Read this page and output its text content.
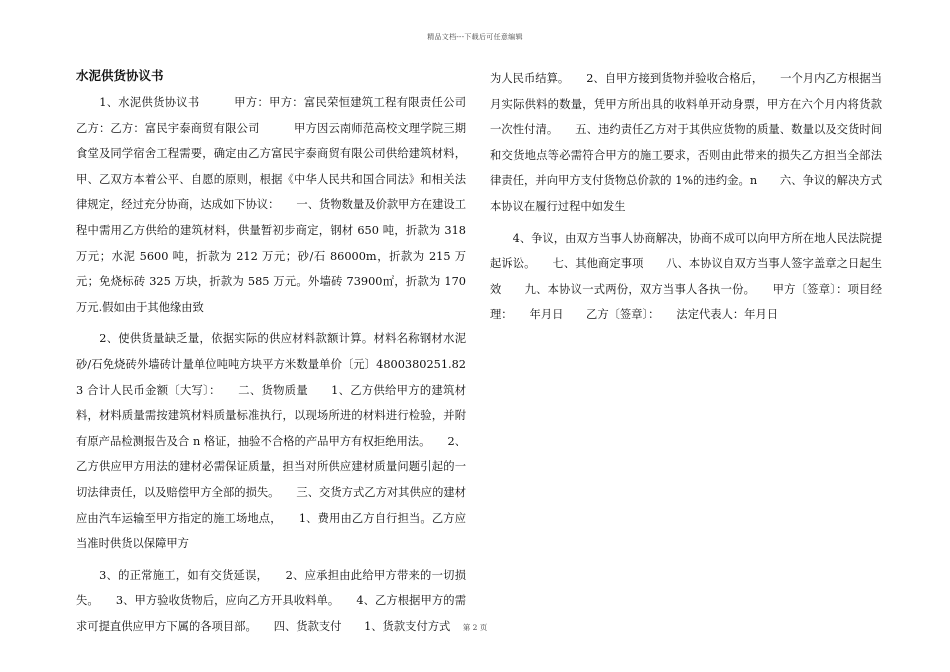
精品文档---下载后可任意编辑
水泥供货协议书

　　1、水泥供货协议书　　　甲方：甲方：富民荣恒建筑工程有限责任公司　　　乙方：乙方：富民宇泰商贸有限公司　　　甲方因云南师范高校文理学院三期食堂及同学宿舍工程需要，确定由乙方富民宇泰商贸有限公司供给建筑材料，甲、乙双方本着公平、自愿的原则，根据《中华人民共和国合同法》和相关法律规定，经过充分协商，达成如下协议：　　一、货物数量及价款甲方在建设工程中需用乙方供给的建筑材料，供量暂初步商定，钢材 650 吨，折款为 318 万元；水泥 5600 吨，折款为 212 万元；砂/石 86000m，折款为 215 万元；免烧标砖 325 万块，折款为 585 万元。外墙砖 73900㎡，折款为 170 万元.假如由于其他缘由致

　　2、使供货量缺乏量，依据实际的供应材料款额计算。材料名称钢材水泥砂/石免烧砖外墙砖计量单位吨吨方块平方米数量单价〔元〕4800380251.823 合计人民币金额〔大写〕：　　二、货物质量　　1、乙方供给甲方的建筑材料，材料质量需按建筑材料质量标准执行，以现场所进的材料进行检验，并附有原产品检测报告及合 n 格证，抽验不合格的产品甲方有权拒绝用法。　　2、乙方供应甲方用法的建材必需保证质量，担当对所供应建材质量问题引起的一切法律责任，以及赔偿甲方全部的损失。　　三、交货方式乙方对其供应的建材应由汽车运输至甲方指定的施工场地点，　　1、费用由乙方自行担当。乙方应当准时供货以保障甲方

　　3、的正常施工，如有交货延误，　　2、应承担由此给甲方带来的一切损失。　　3、甲方验收货物后，应向乙方开具收料单。　　4、乙方根据甲方的需求可提直供应甲方下属的各项目部。　　四、货款支付　　1、货款支付方式

为人民币结算。　　2、自甲方接到货物并验收合格后，　　一个月内乙方根据当月实际供料的数量，凭甲方所出具的收料单开动身票，甲方在六个月内将货款一次性付清。　　五、违约责任乙方对于其供应货物的质量、数量以及交货时间和交货地点等必需符合甲方的施工要求，否则由此带来的损失乙方担当全部法律责任，并向甲方支付货物总价款的 1%的违约金。n　　六、争议的解决方式本协议在履行过程中如发生

　　4、争议，由双方当事人协商解决，协商不成可以向甲方所在地人民法院提起诉讼。　　七、其他商定事项　　八、本协议自双方当事人签字盖章之日起生效　　九、本协议一式两份，双方当事人各执一份。　　甲方〔签章〕：项目经理：　　年月日　　乙方〔签章〕：　　法定代表人：年月日

第 2 页
